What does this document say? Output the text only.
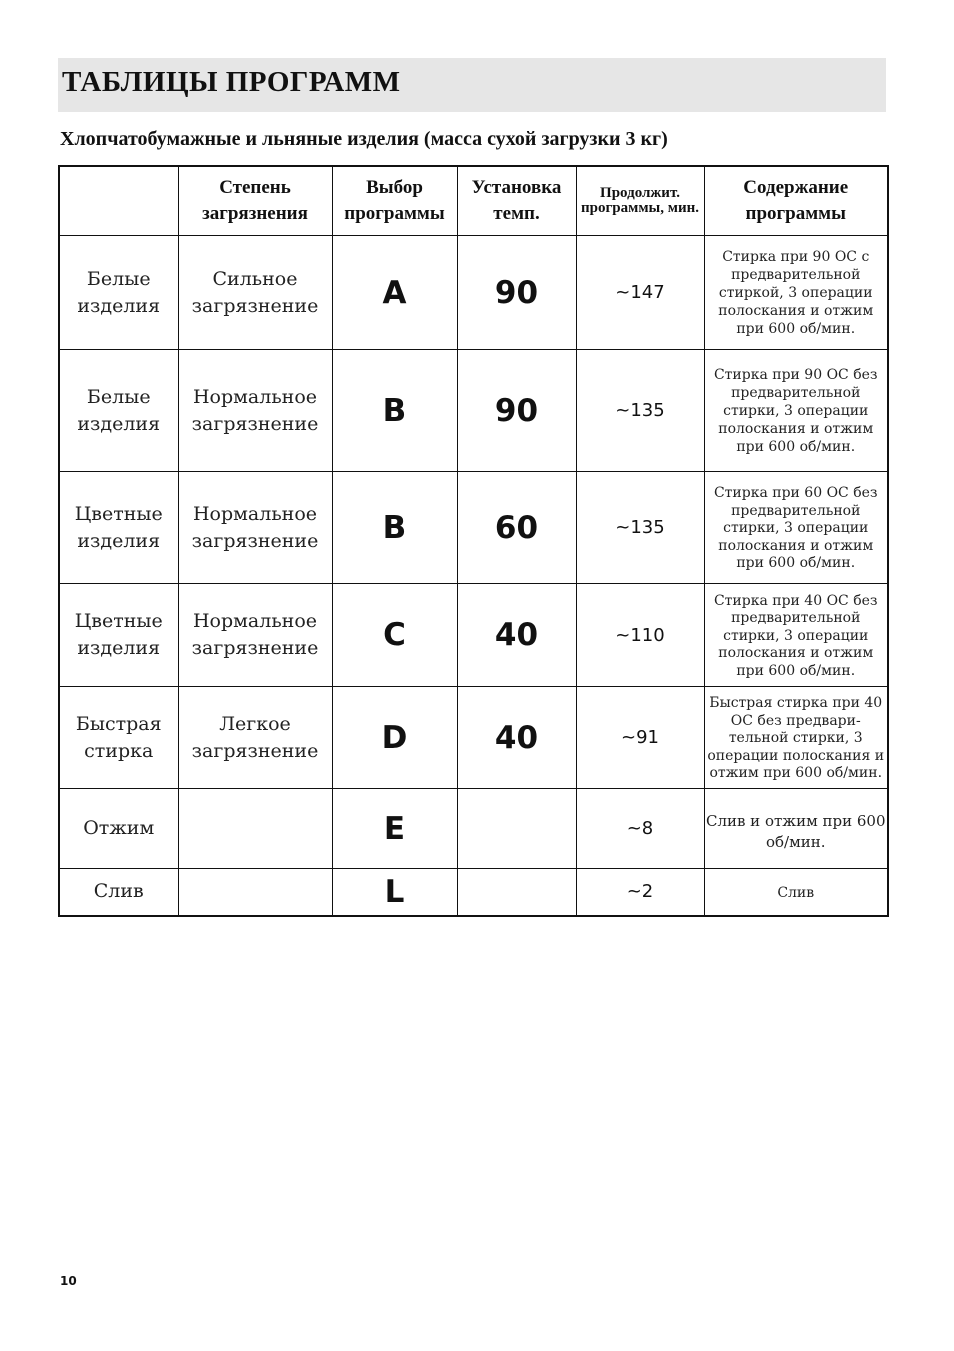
ТАБЛИЦЫ ПРОГРАММ
Хлопчатобумажные и льняные изделия (масса сухой загрузки 3 кг)
	Степень загрязнения	Выбор программы	Установка темп.	Продолжит. программы, мин.	Содержание программы
Белые изделия	Сильное загрязнение	A	90	~147	Стирка при 90 ОС с предварительной стиркой, 3 операции полоскания и отжим при 600 об/мин.
Белые изделия	Нормальное загрязнение	B	90	~135	Стирка при 90 ОС без предварительной стирки, 3 операции полоскания и отжим при 600 об/мин.
Цветные изделия	Нормальное загрязнение	B	60	~135	Стирка при 60 ОС без предварительной стирки, 3 операции полоскания и отжим при 600 об/мин.
Цветные изделия	Нормальное загрязнение	C	40	~110	Стирка при 40 ОС без предварительной стирки, 3 операции полоскания и отжим при 600 об/мин.
Быстрая стирка	Легкое загрязнение	D	40	~91	Быстрая стирка при 40 ОС без предвари-тельной стирки, 3 операции полоскания и отжим при 600 об/мин.
Отжим		E		~8	Слив и отжим при 600 об/мин.
Слив		L		~2	Слив
10
